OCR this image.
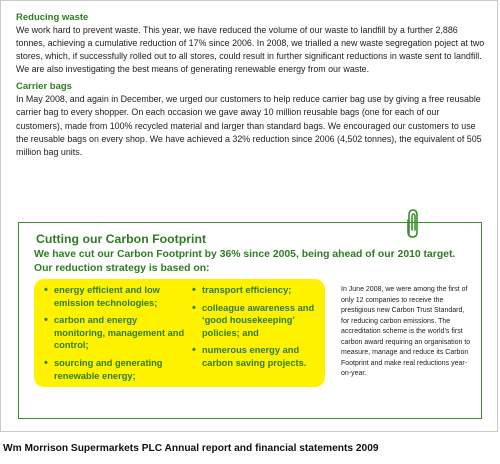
Reducing waste

We work hard to prevent waste. This year, we have reduced the volume of our waste to landfill by a further 2,886 tonnes, achieving a cumulative reduction of 17% since 2006. In 2008, we trialled a new waste segregation poject at two stores, which, if successfully rolled out to all stores, could result in further significant reductions in waste sent to landfill. We are also investigating the best means of generating renewable energy from our waste.

Carrier bags

In May 2008, and again in December, we urged our customers to help reduce carrier bag use by giving a free reusable carrier bag to every shopper. On each occasion we gave away 10 million reusable bags (one for each of our customers), made from 100% recycled material and larger than standard bags. We encouraged our customers to use the reusable bags on every shop. We have achieved a 32% reduction since 2006 (4,502 tonnes), the equivalent of 505 million bag units.

Cutting our Carbon Footprint

We have cut our Carbon Footprint by 36% since 2005, being ahead of our 2010 target. Our reduction strategy is based on:

• energy efficient and low emission technologies;
• carbon and energy monitoring, management and control;
• sourcing and generating renewable energy;
• transport efficiency;
• colleague awareness and ‘good housekeeping’ policies; and
• numerous energy and carbon saving projects.

In June 2008, we were among the first of only 12 companies to receive the prestigious new Carbon Trust Standard, for reducing carbon emissions. The accreditation scheme is the world’s first carbon award requiring an organisation to measure, manage and reduce its Carbon Footprint and make real reductions year-on-year.

Wm Morrison Supermarkets PLC Annual report and financial statements 2009
